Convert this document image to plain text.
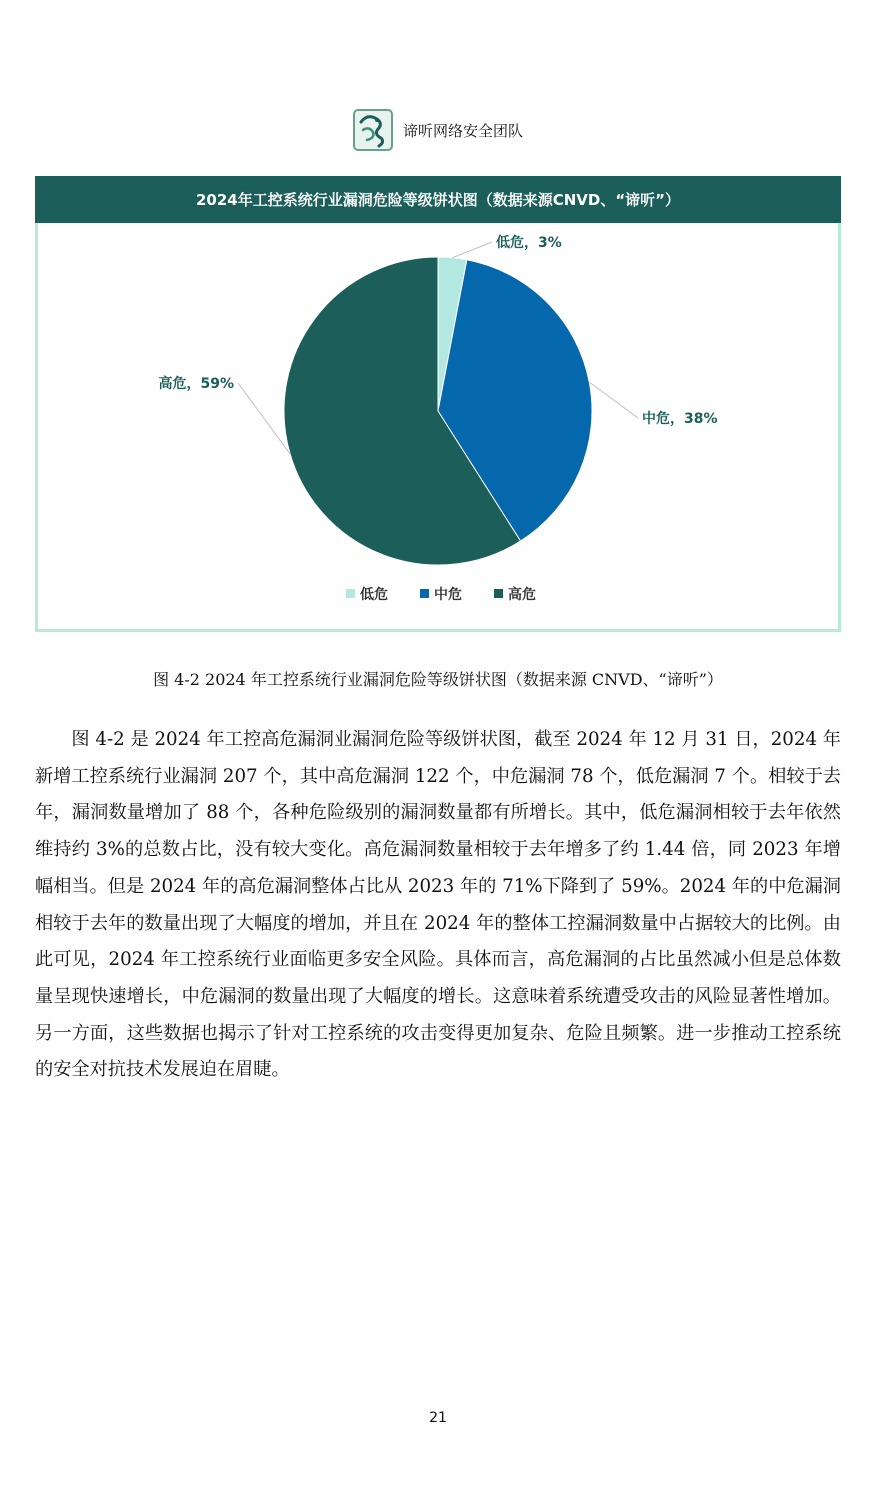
谛听网络安全团队
2024年工控系统行业漏洞危险等级饼状图（数据来源CNVD、“谛听”）
低危，3%
中危，38%
高危，59%
低危	中危	高危
图 4-2 2024 年工控系统行业漏洞危险等级饼状图（数据来源 CNVD、“谛听”）

图 4-2 是 2024 年工控高危漏洞业漏洞危险等级饼状图，截至 2024 年 12 月 31 日，2024 年新增工控系统行业漏洞 207 个，其中高危漏洞 122 个，中危漏洞 78 个，低危漏洞 7 个。相较于去年，漏洞数量增加了 88 个，各种危险级别的漏洞数量都有所增长。其中，低危漏洞相较于去年依然维持约 3%的总数占比，没有较大变化。高危漏洞数量相较于去年增多了约 1.44 倍，同 2023 年增幅相当。但是 2024 年的高危漏洞整体占比从 2023 年的 71%下降到了 59%。2024 年的中危漏洞相较于去年的数量出现了大幅度的增加，并且在 2024 年的整体工控漏洞数量中占据较大的比例。由此可见，2024 年工控系统行业面临更多安全风险。具体而言，高危漏洞的占比虽然减小但是总体数量呈现快速增长，中危漏洞的数量出现了大幅度的增长。这意味着系统遭受攻击的风险显著性增加。另一方面，这些数据也揭示了针对工控系统的攻击变得更加复杂、危险且频繁。进一步推动工控系统的安全对抗技术发展迫在眉睫。

21
